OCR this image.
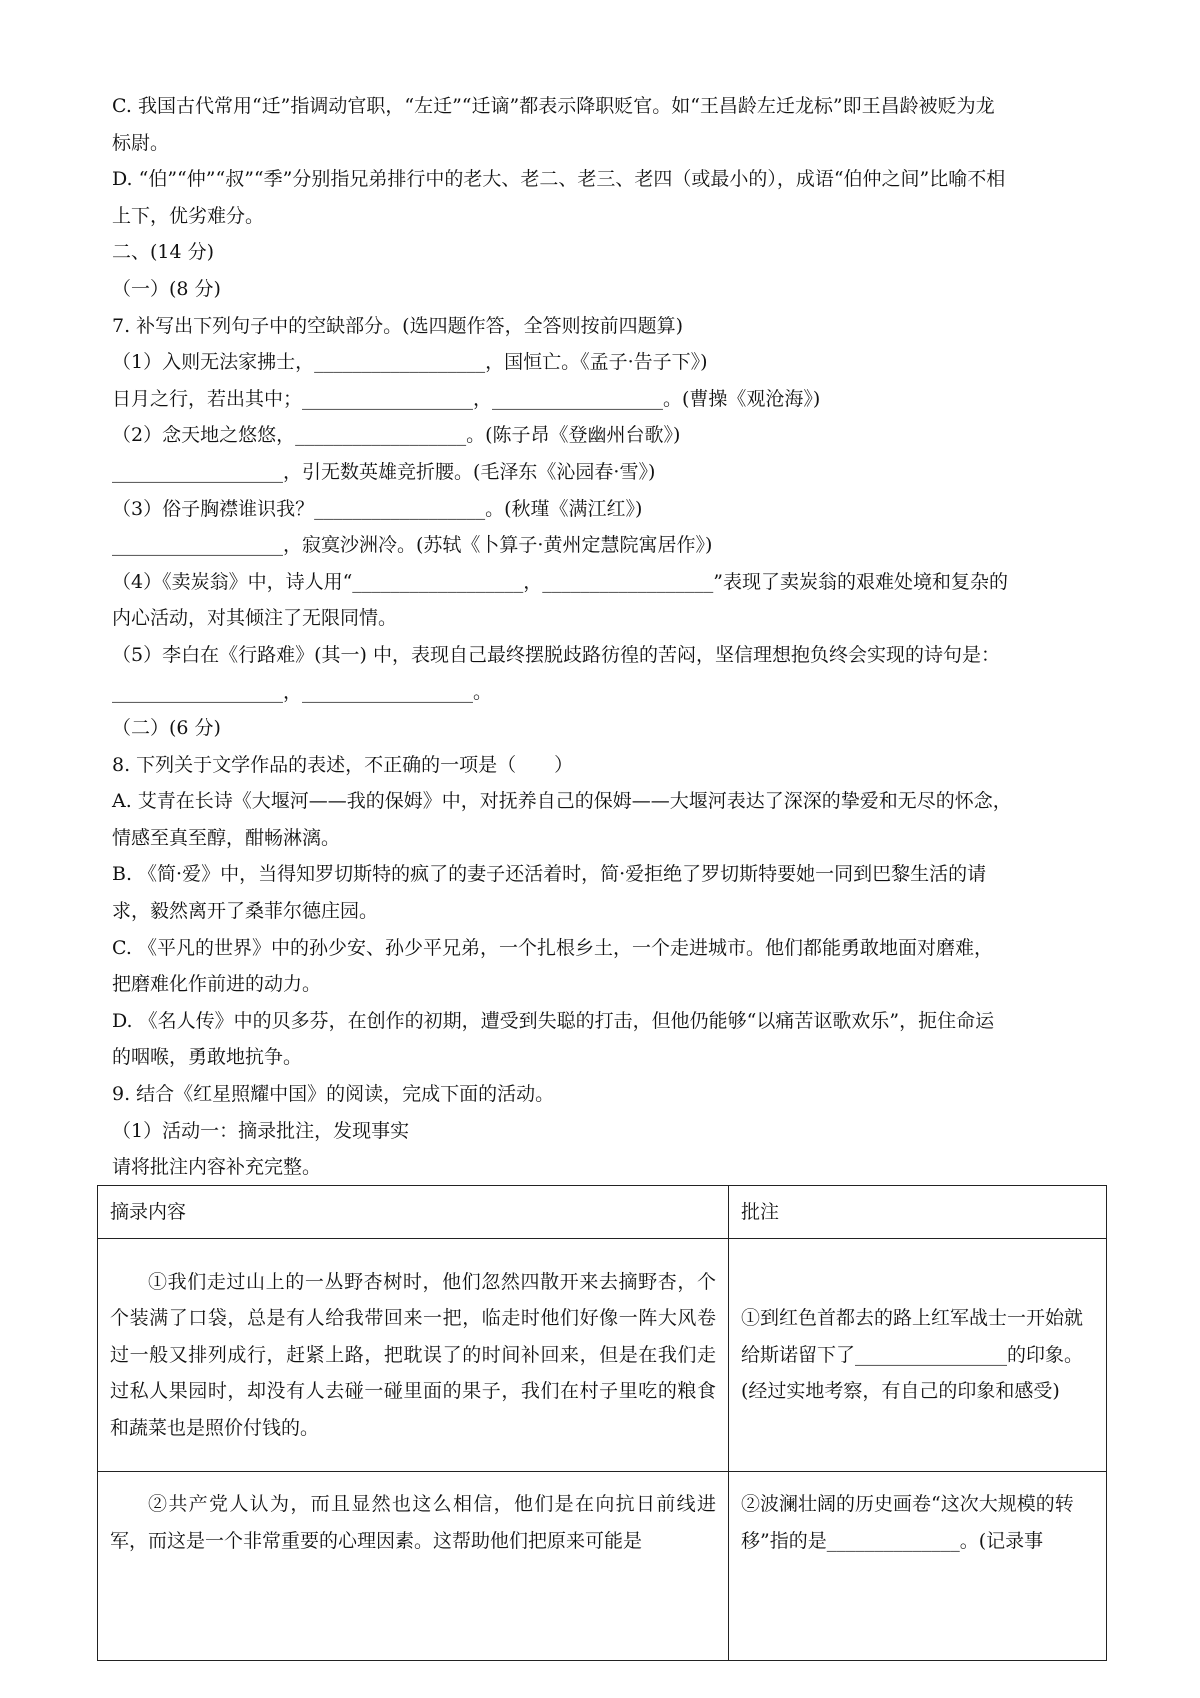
C. 我国古代常用“迁”指调动官职，“左迁”“迁谪”都表示降职贬官。如“王昌龄左迁龙标”即王昌龄被贬为龙
标尉。
D. “伯”“仲”“叔”“季”分别指兄弟排行中的老大、老二、老三、老四（或最小的），成语“伯仲之间”比喻不相
上下，优劣难分。
二、(14 分)
（一）(8 分)
7. 补写出下列句子中的空缺部分。(选四题作答，全答则按前四题算)
（1）入则无法家拂士，__________________，国恒亡。《孟子·告子下》)
日月之行，若出其中；__________________，__________________。(曹操《观沧海》)
（2）念天地之悠悠，__________________。(陈子昂《登幽州台歌》)
__________________，引无数英雄竞折腰。(毛泽东《沁园春·雪》)
（3）俗子胸襟谁识我？__________________。(秋瑾《满江红》)
__________________，寂寞沙洲冷。(苏轼《卜算子·黄州定慧院寓居作》)
（4）《卖炭翁》中，诗人用“__________________，__________________”表现了卖炭翁的艰难处境和复杂的
内心活动，对其倾注了无限同情。
（5）李白在《行路难》(其一) 中，表现自己最终摆脱歧路彷徨的苦闷，坚信理想抱负终会实现的诗句是：
__________________，__________________。
（二）(6 分)
8. 下列关于文学作品的表述，不正确的一项是（　　）
A. 艾青在长诗《大堰河——我的保姆》中，对抚养自己的保姆——大堰河表达了深深的挚爱和无尽的怀念，
情感至真至醇，酣畅淋漓。
B. 《简·爱》中，当得知罗切斯特的疯了的妻子还活着时，简·爱拒绝了罗切斯特要她一同到巴黎生活的请
求，毅然离开了桑菲尔德庄园。
C. 《平凡的世界》中的孙少安、孙少平兄弟，一个扎根乡土，一个走进城市。他们都能勇敢地面对磨难，
把磨难化作前进的动力。
D. 《名人传》中的贝多芬，在创作的初期，遭受到失聪的打击，但他仍能够“以痛苦讴歌欢乐”，扼住命运
的咽喉，勇敢地抗争。
9. 结合《红星照耀中国》的阅读，完成下面的活动。
（1）活动一：摘录批注，发现事实
请将批注内容补充完整。
摘录内容	批注
①我们走过山上的一丛野杏树时，他们忽然四散开来去摘野杏，个个装满了口袋，总是有人给我带回来一把，临走时他们好像一阵大风卷过一般又排列成行，赶紧上路，把耽误了的时间补回来，但是在我们走过私人果园时，却没有人去碰一碰里面的果子，我们在村子里吃的粮食和蔬菜也是照价付钱的。	①到红色首都去的路上红军战士一开始就给斯诺留下了________________的印象。(经过实地考察，有自己的印象和感受)
②共产党人认为，而且显然也这么相信，他们是在向抗日前线进军，而这是一个非常重要的心理因素。这帮助他们把原来可能是	②波澜壮阔的历史画卷“这次大规模的转移”指的是______________。(记录事
